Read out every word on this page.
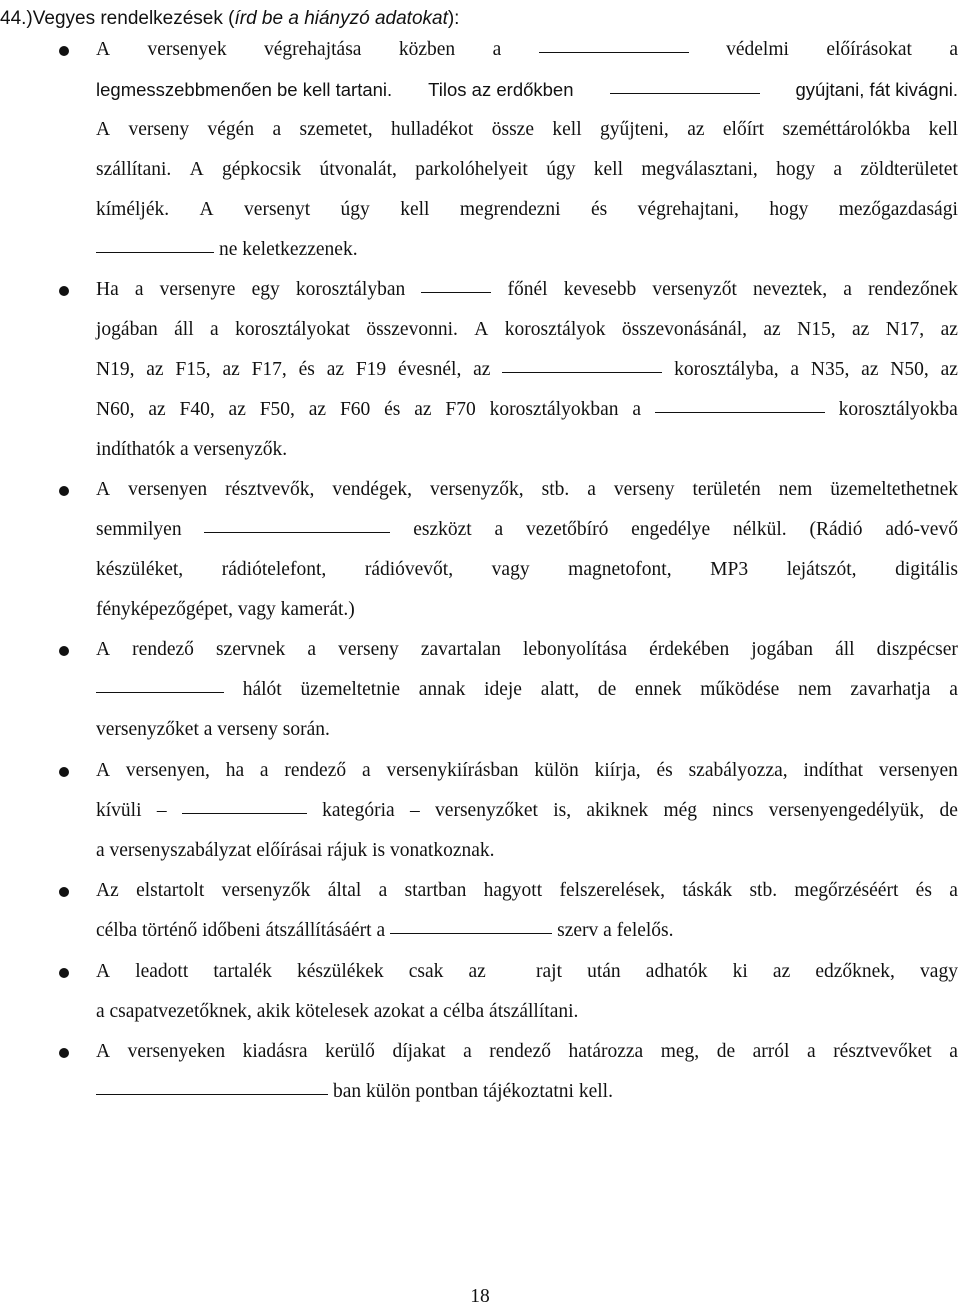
44.)Vegyes rendelkezések (írd be a hiányzó adatokat):
A versenyek végrehajtása közben a	védelmi előírásokat a
legmesszebbmenően be kell tartani. Tilos az erdőkben	gyújtani, fát kivágni.
A verseny végén a szemetet, hulladékot össze kell gyűjteni, az előírt szeméttárolókba kell
szállítani. A gépkocsik útvonalát, parkolóhelyeit úgy kell megválasztani, hogy a zöldterületet
kíméljék. A versenyt úgy kell megrendezni és végrehajtani, hogy mezőgazdasági
ne keletkezzenek.
Ha a versenyre egy korosztályban	főnél kevesebb versenyzőt neveztek, a rendezőnek
jogában áll a korosztályokat összevonni. A korosztályok összevonásánál, az N15, az N17, az
N19, az F15, az F17, és az F19 évesnél, az	korosztályba, a N35, az N50, az
N60, az F40, az F50, az F60 és az F70 korosztályokban a	korosztályokba
indíthatók a versenyzők.
A versenyen résztvevők, vendégek, versenyzők, stb. a verseny területén nem üzemeltethetnek
semmilyen	eszközt a vezetőbíró engedélye nélkül. (Rádió adó-vevő
készüléket, rádiótelefont, rádióvevőt, vagy magnetofont, MP3 lejátszót, digitális
fényképezőgépet, vagy kamerát.)
A rendező szervnek a verseny zavartalan lebonyolítása érdekében jogában áll diszpécser
hálót üzemeltetnie annak ideje alatt, de ennek működése nem zavarhatja a
versenyzőket a verseny során.
A versenyen, ha a rendező a versenykiírásban külön kiírja, és szabályozza, indíthat versenyen
kívüli –	kategória – versenyzőket is, akiknek még nincs versenyengedélyük, de
a versenyszabályzat előírásai rájuk is vonatkoznak.
Az elstartolt versenyzők által a startban hagyott felszerelések, táskák stb. megőrzéséért és a
célba történő időbeni átszállításáért a	szerv a felelős.
A leadott tartalék készülékek csak az	rajt után adhatók ki az edzőknek, vagy
a csapatvezetőknek, akik kötelesek azokat a célba átszállítani.
A versenyeken kiadásra kerülő díjakat a rendező határozza meg, de arról a résztvevőket a
ban külön pontban tájékoztatni kell.
18
